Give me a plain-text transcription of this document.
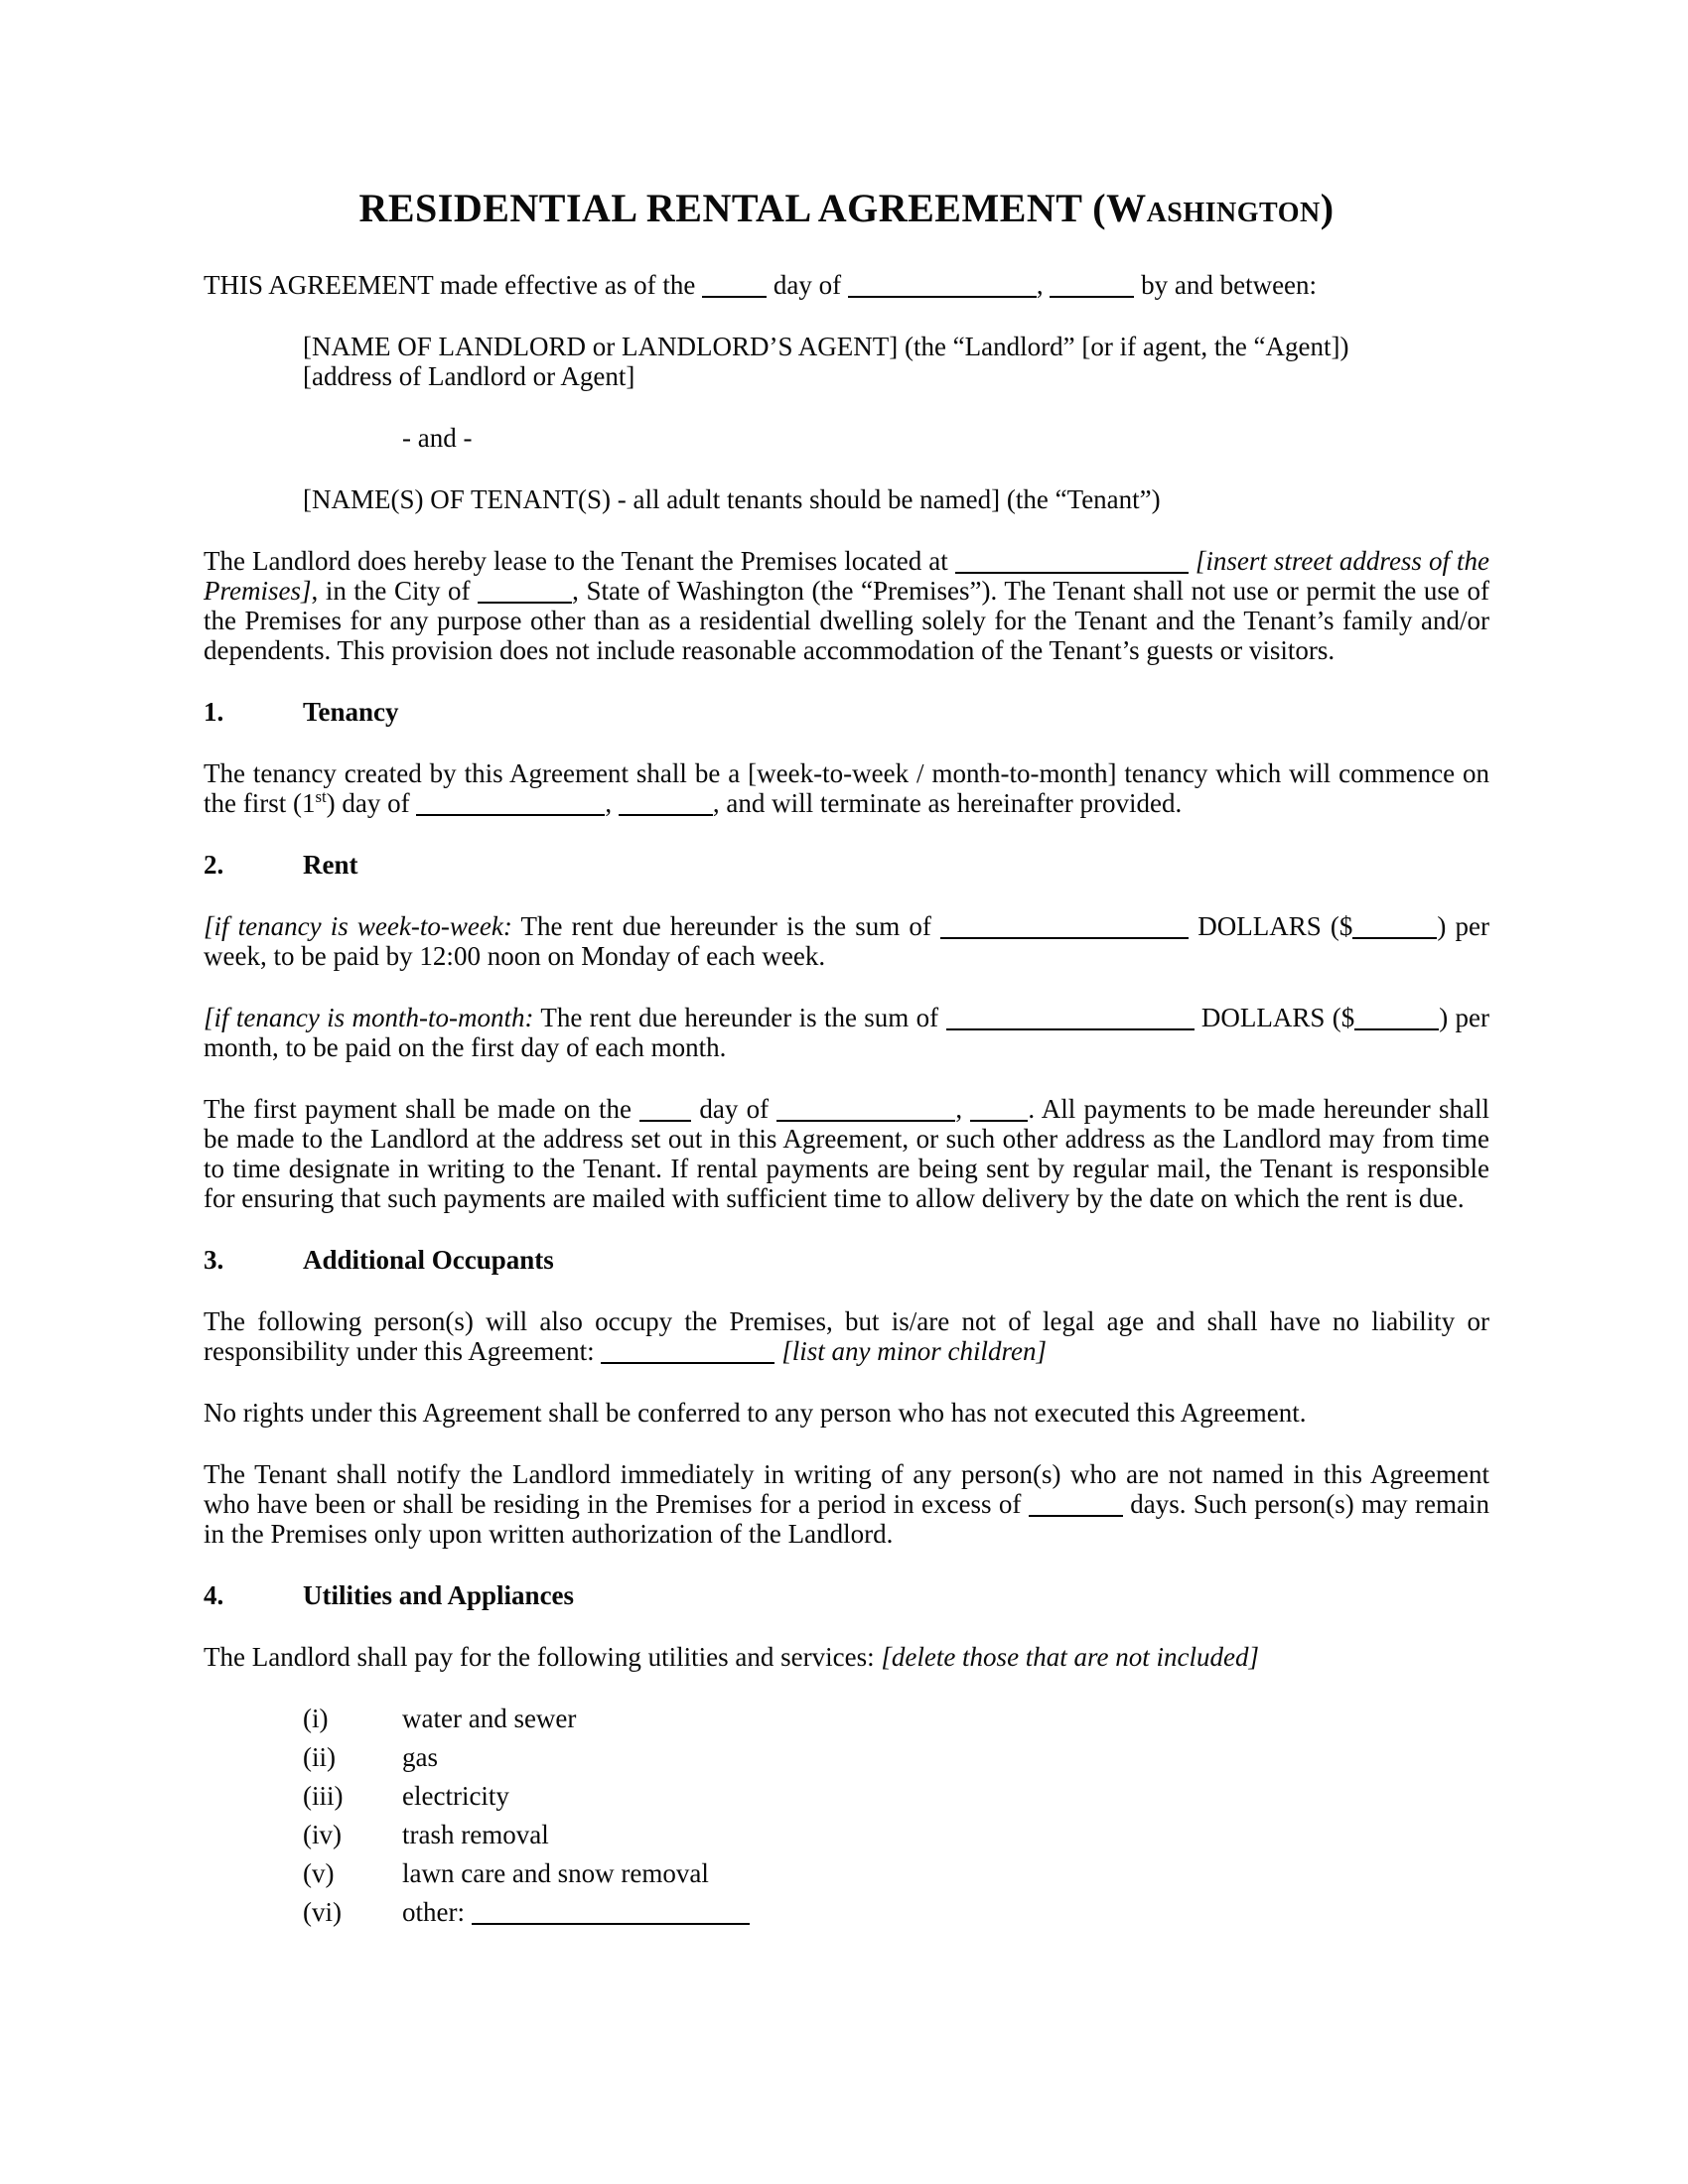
RESIDENTIAL RENTAL AGREEMENT (Washington)

THIS AGREEMENT made effective as of the  day of	,	by and between:

[NAME OF LANDLORD or LANDLORD’S AGENT] (the “Landlord” [or if agent, the “Agent])
[address of Landlord or Agent]

- and -

[NAME(S) OF TENANT(S) - all adult tenants should be named] (the “Tenant”)

The Landlord does hereby lease to the Tenant the Premises located at	[insert street address of the Premises], in the City of	, State of Washington (the “Premises”). The Tenant shall not use or permit the use of the Premises for any purpose other than as a residential dwelling solely for the Tenant and the Tenant’s family and/or dependents. This provision does not include reasonable accommodation of the Tenant’s guests or visitors.

1.	Tenancy

The tenancy created by this Agreement shall be a [week-to-week / month-to-month] tenancy which will commence on the first (1st) day of	,	, and will terminate as hereinafter provided.

2.	Rent

[if tenancy is week-to-week: The rent due hereunder is the sum of	DOLLARS ($	) per week, to be paid by 12:00 noon on Monday of each week.

[if tenancy is month-to-month: The rent due hereunder is the sum of	DOLLARS ($	) per month, to be paid on the first day of each month.

The first payment shall be made on the  day of	, . All payments to be made hereunder shall be made to the Landlord at the address set out in this Agreement, or such other address as the Landlord may from time to time designate in writing to the Tenant. If rental payments are being sent by regular mail, the Tenant is responsible for ensuring that such payments are mailed with sufficient time to allow delivery by the date on which the rent is due.

3.	Additional Occupants

The following person(s) will also occupy the Premises, but is/are not of legal age and shall have no liability or responsibility under this Agreement:	[list any minor children]

No rights under this Agreement shall be conferred to any person who has not executed this Agreement.

The Tenant shall notify the Landlord immediately in writing of any person(s) who are not named in this Agreement who have been or shall be residing in the Premises for a period in excess of	days. Such person(s) may remain in the Premises only upon written authorization of the Landlord.

4.	Utilities and Appliances

The Landlord shall pay for the following utilities and services: [delete those that are not included]

(i)	water and sewer
(ii)	gas
(iii)	electricity
(iv)	trash removal
(v)	lawn care and snow removal
(vi)	other:
